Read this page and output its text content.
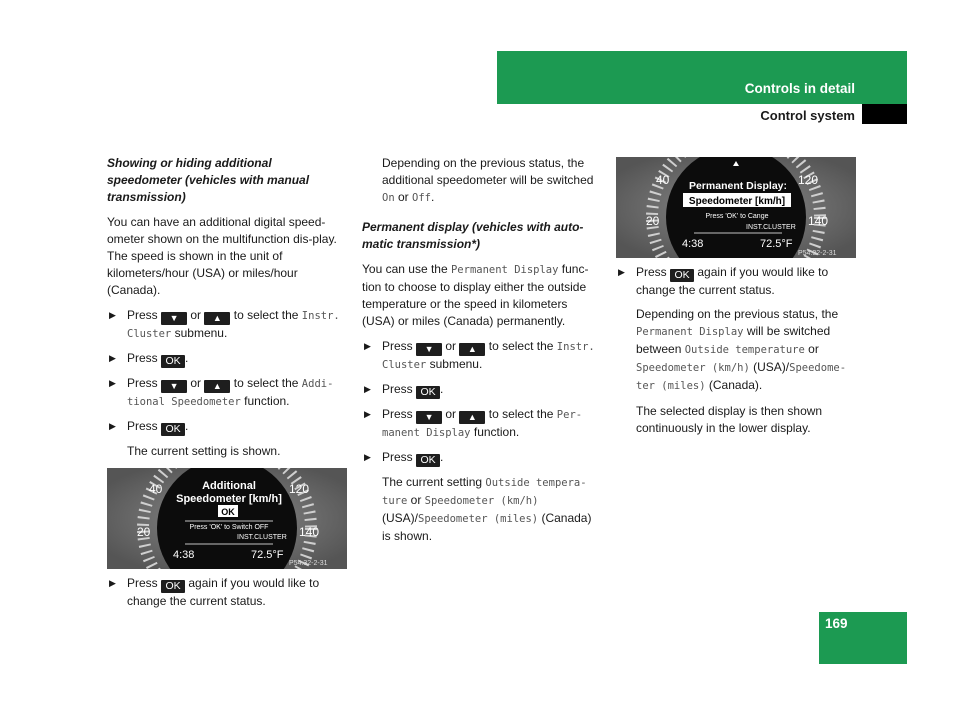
Controls in detail
Control system

Showing or hiding additional speedometer (vehicles with manual transmission)

You can have an additional digital speed-ometer shown on the multifunction dis-play. The speed is shown in the unit of kilometers/hour (USA) or miles/hour (Canada).

▶ Press ▼ or ▲ to select the Instr. Cluster submenu.
▶ Press OK .
▶ Press ▼ or ▲ to select the Addi-tional Speedometer function.
▶ Press OK .

The current setting is shown.

40
20
120
140
Additional
Speedometer [km/h]
OK
Press 'OK' to Switch OFF
INST.CLUSTER
4:38	72.5°F
P54.32-2-31
▶ Press OK again if you would like to change the current status.

Depending on the previous status, the additional speedometer will be switched On or Off.

Permanent display (vehicles with auto-matic transmission*)

You can use the Permanent Display func-tion to choose to display either the outside temperature or the speed in kilometers (USA) or miles (Canada) permanently.

▶ Press ▼ or ▲ to select the Instr. Cluster submenu.
▶ Press OK .
▶ Press ▼ or ▲ to select the Per-manent Display function.
▶ Press OK .

The current setting Outside tempera-ture or Speedometer (km/h) (USA)/Speedometer (miles) (Canada) is shown.

40
20
120
140
Permanent Display:
Speedometer [km/h]
Press 'OK' to Cange
INST.CLUSTER
4:38	72.5°F
P54.32-2-31
▶ Press OK again if you would like to change the current status.

Depending on the previous status, the Permanent Display will be switched between Outside temperature or Speedometer (km/h) (USA)/Speedome-ter (miles) (Canada).

The selected display is then shown continuously in the lower display.

169
